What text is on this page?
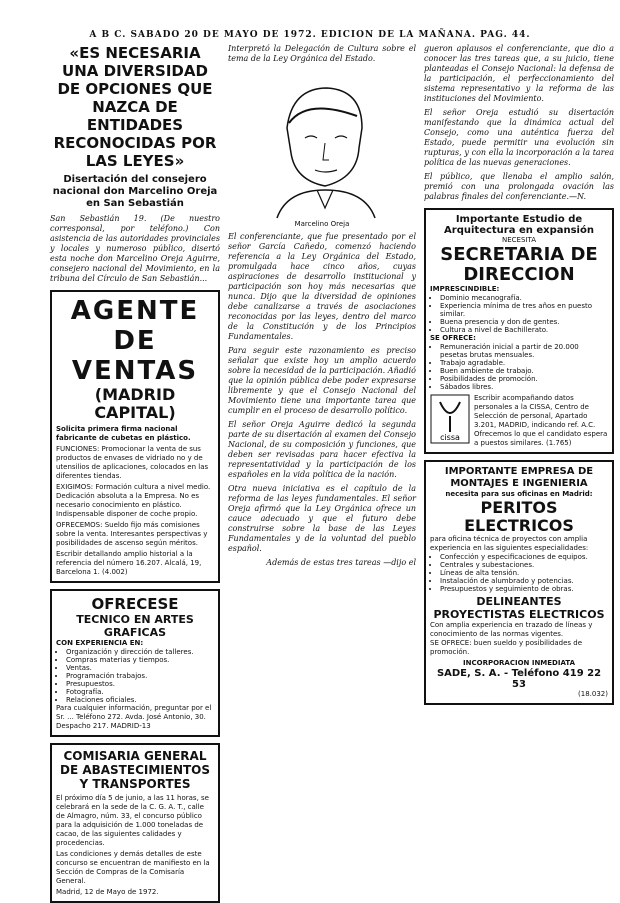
A B C. SABADO 20 DE MAYO DE 1972. EDICION DE LA MAÑANA. PAG. 44.
«ES NECESARIA UNA DIVERSIDAD DE OPCIONES QUE NAZCA DE ENTIDADES RECONOCIDAS POR LAS LEYES»
Disertación del consejero nacional don Marcelino Oreja en San Sebastián
San Sebastián 19. (De nuestro corresponsal, por teléfono.) Con asistencia de las autoridades provinciales y locales y numeroso público, disertó esta noche don Marcelino Oreja Aguirre, consejero nacional del Movimiento, en la tribuna del Círculo de San Sebastián...
AGENTE DE VENTAS
(MADRID CAPITAL)
Solicita primera firma nacional fabricante de cubetas en plástico.
FUNCIONES: Promocionar la venta de sus productos de envases de vidriado no y de utensilios de aplicaciones, colocados en las diferentes tiendas.
EXIGIMOS: Formación cultura a nivel medio. Dedicación absoluta a la Empresa. No es necesario conocimiento en plástico. Indispensable disponer de coche propio.
OFRECEMOS: Sueldo fijo más comisiones sobre la venta. Interesantes perspectivas y posibilidades de ascenso según méritos.
Escribir detallando amplio historial a la referencia del número 16.207. Alcalá, 19, Barcelona 1. (4.002)
OFRECESE
TECNICO EN ARTES GRAFICAS
CON EXPERIENCIA EN:
• Organización y dirección de talleres.
• Compras materias y tiempos.
• Ventas.
• Programación trabajos.
• Presupuestos.
• Fotografía.
• Relaciones oficiales.
Para cualquier información, preguntar por el Sr. ... Teléfono 272. Avda. José Antonio, 30. Despacho 217. MADRID-13
COMISARIA GENERAL DE ABASTECIMIENTOS Y TRANSPORTES
El próximo día 5 de junio, a las 11 horas, se celebrará en la sede de la C. G. A. T., calle de Almagro, núm. 33, el concurso público para la adquisición de 1.000 toneladas de cacao, de las siguientes calidades y procedencias.
Las condiciones y demás detalles de este concurso se encuentran de manifiesto en la Sección de Compras de la Comisaría General.
Madrid, 12 de Mayo de 1972.
Interpretó la Delegación de Cultura sobre el tema de la Ley Orgánica del Estado.
Marcelino Oreja
El conferenciante, que fue presentado por el señor García Cañedo, comenzó haciendo referencia a la Ley Orgánica del Estado, promulgada hace cinco años, cuyas aspiraciones de desarrollo institucional y participación son hoy más necesarias que nunca. Dijo que la diversidad de opiniones debe canalizarse a través de asociaciones reconocidas por las leyes, dentro del marco de la Constitución y de los Principios Fundamentales.
Para seguir este razonamiento es preciso señalar que existe hoy un amplio acuerdo sobre la necesidad de la participación. Añadió que la opinión pública debe poder expresarse libremente y que el Consejo Nacional del Movimiento tiene una importante tarea que cumplir en el proceso de desarrollo político.
El señor Oreja Aguirre dedicó la segunda parte de su disertación al examen del Consejo Nacional, de su composición y funciones, que deben ser revisadas para hacer efectiva la representatividad y la participación de los españoles en la vida política de la nación.
Otra nueva iniciativa es el capítulo de la reforma de las leyes fundamentales. El señor Oreja afirmó que la Ley Orgánica ofrece un cauce adecuado y que el futuro debe construirse sobre la base de las Leyes Fundamentales y de la voluntad del pueblo español.
Además de estas tres tareas —dijo el
gueron aplausos el conferenciante, que dio a conocer las tres tareas que, a su juicio, tiene planteadas el Consejo Nacional: la defensa de la participación, el perfeccionamiento del sistema representativo y la reforma de las instituciones del Movimiento.
El señor Oreja estudió su disertación manifestando que la dinámica actual del Consejo, como una auténtica fuerza del Estado, puede permitir una evolución sin rupturas, y con ella la incorporación a la tarea política de las nuevas generaciones.
El público, que llenaba el amplio salón, premió con una prolongada ovación las palabras finales del conferenciante.—N.
Importante Estudio de Arquitectura en expansión
NECESITA
SECRETARIA DE DIRECCION
IMPRESCINDIBLE:
• Dominio mecanografía.
• Experiencia mínima de tres años en puesto similar.
• Buena presencia y don de gentes.
• Cultura a nivel de Bachillerato.
SE OFRECE:
• Remuneración inicial a partir de 20.000 pesetas brutas mensuales.
• Trabajo agradable.
• Buen ambiente de trabajo.
• Posibilidades de promoción.
• Sábados libres.
cissa
Escribir acompañando datos personales a la CISSA, Centro de Selección de personal, Apartado 3.201, MADRID, indicando ref. A.C.
Ofrecemos lo que el candidato espera a puestos similares. (1.765)
IMPORTANTE EMPRESA DE MONTAJES E INGENIERIA
necesita para sus oficinas en Madrid:
PERITOS ELECTRICOS
para oficina técnica de proyectos con amplia experiencia en las siguientes especialidades:
• Confección y especificaciones de equipos.
• Centrales y subestaciones.
• Líneas de alta tensión.
• Instalación de alumbrado y potencias.
• Presupuestos y seguimiento de obras.
DELINEANTES PROYECTISTAS ELECTRICOS
Con amplia experiencia en trazado de líneas y conocimiento de las normas vigentes.
SE OFRECE: buen sueldo y posibilidades de promoción.
INCORPORACION INMEDIATA
SADE, S. A. - Teléfono 419 22 53
(18.032)
